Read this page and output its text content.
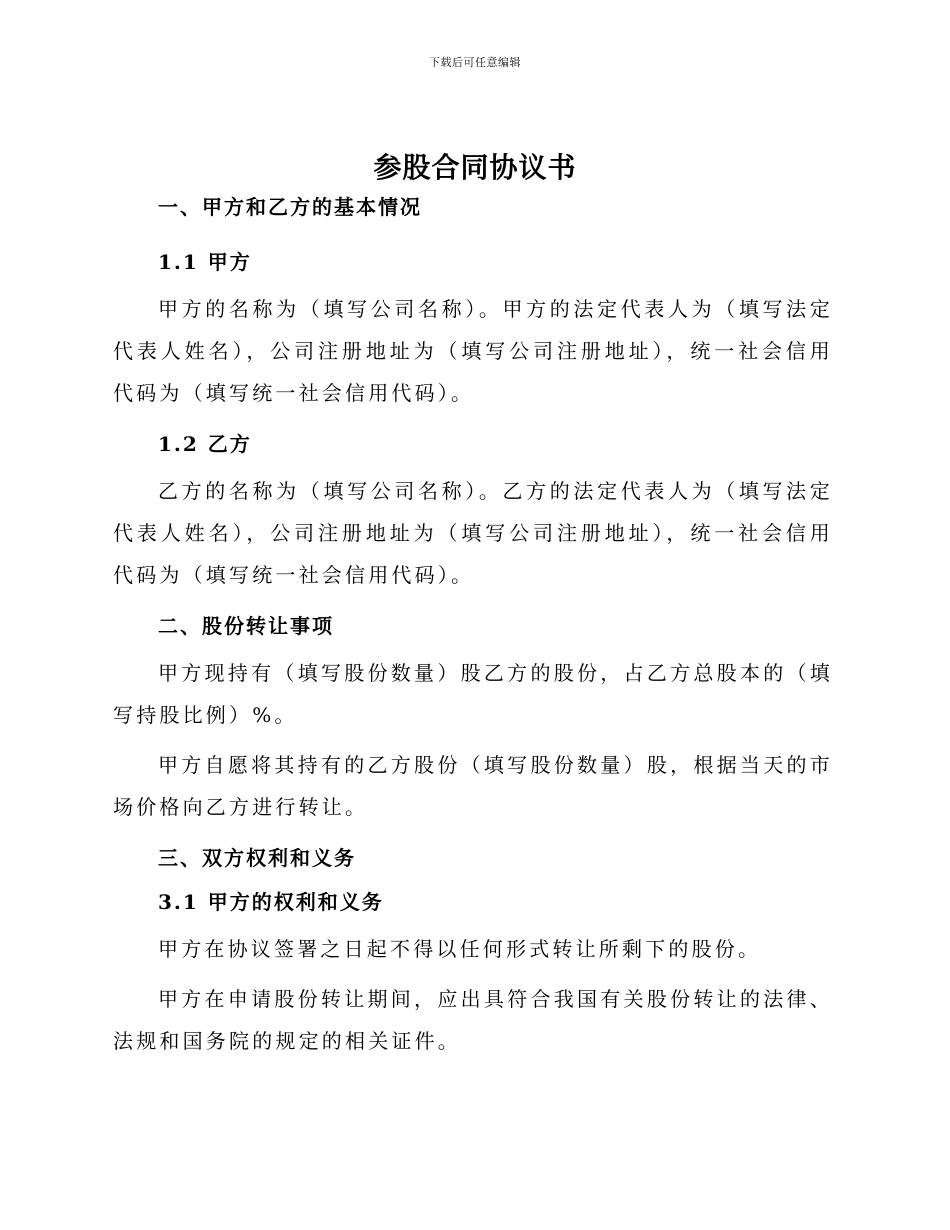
下载后可任意编辑
参股合同协议书
一、甲方和乙方的基本情况
1.1 甲方
甲方的名称为（填写公司名称）。甲方的法定代表人为（填写法定代表人姓名），公司注册地址为（填写公司注册地址），统一社会信用代码为（填写统一社会信用代码）。
1.2 乙方
乙方的名称为（填写公司名称）。乙方的法定代表人为（填写法定代表人姓名），公司注册地址为（填写公司注册地址），统一社会信用代码为（填写统一社会信用代码）。
二、股份转让事项
甲方现持有（填写股份数量）股乙方的股份，占乙方总股本的（填写持股比例）%。
甲方自愿将其持有的乙方股份（填写股份数量）股，根据当天的市场价格向乙方进行转让。
三、双方权利和义务
3.1 甲方的权利和义务
甲方在协议签署之日起不得以任何形式转让所剩下的股份。
甲方在申请股份转让期间，应出具符合我国有关股份转让的法律、法规和国务院的规定的相关证件。
